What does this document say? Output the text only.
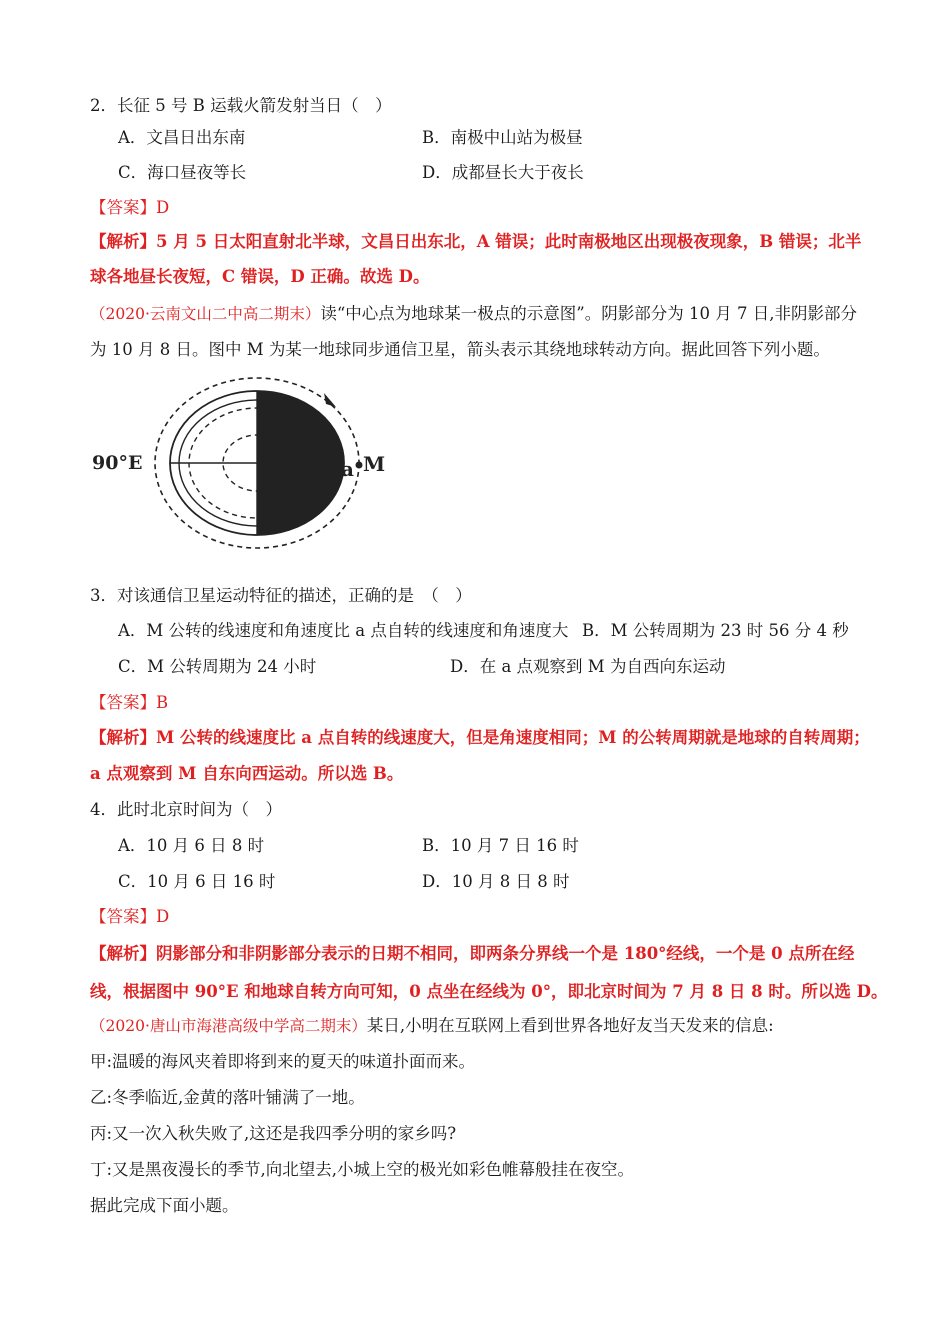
2．长征 5 号 B 运载火箭发射当日（　）
A．文昌日出东南	B．南极中山站为极昼
C．海口昼夜等长	D．成都昼长大于夜长
【答案】D
【解析】5 月 5 日太阳直射北半球，文昌日出东北，A 错误；此时南极地区出现极夜现象，B 错误；北半
球各地昼长夜短，C 错误，D 正确。故选 D。
（2020·云南文山二中高二期末）读“中心点为地球某一极点的示意图”。阴影部分为 10 月 7 日,非阴影部分
为 10 月 8 日。图中 M 为某一地球同步通信卫星，箭头表示其绕地球转动方向。据此回答下列小题。
90°E	a M
3．对该通信卫星运动特征的描述，正确的是　（　）
A．M 公转的线速度和角速度比 a 点自转的线速度和角速度大 B．M 公转周期为 23 时 56 分 4 秒
C．M 公转周期为 24 小时	D．在 a 点观察到 M 为自西向东运动
【答案】B
【解析】M 公转的线速度比 a 点自转的线速度大，但是角速度相同；M 的公转周期就是地球的自转周期；
a 点观察到 M 自东向西运动。所以选 B。
4．此时北京时间为（　）
A．10 月 6 日 8 时	B．10 月 7 日 16 时
C．10 月 6 日 16 时	D．10 月 8 日 8 时
【答案】D
【解析】阴影部分和非阴影部分表示的日期不相同，即两条分界线一个是 180°经线，一个是 0 点所在经
线，根据图中 90°E 和地球自转方向可知，0 点坐在经线为 0°，即北京时间为 7 月 8 日 8 时。所以选 D。
（2020·唐山市海港高级中学高二期末）某日,小明在互联网上看到世界各地好友当天发来的信息:
甲:温暖的海风夹着即将到来的夏天的味道扑面而来。
乙:冬季临近,金黄的落叶铺满了一地。
丙:又一次入秋失败了,这还是我四季分明的家乡吗?
丁:又是黑夜漫长的季节,向北望去,小城上空的极光如彩色帷幕般挂在夜空。
据此完成下面小题。
